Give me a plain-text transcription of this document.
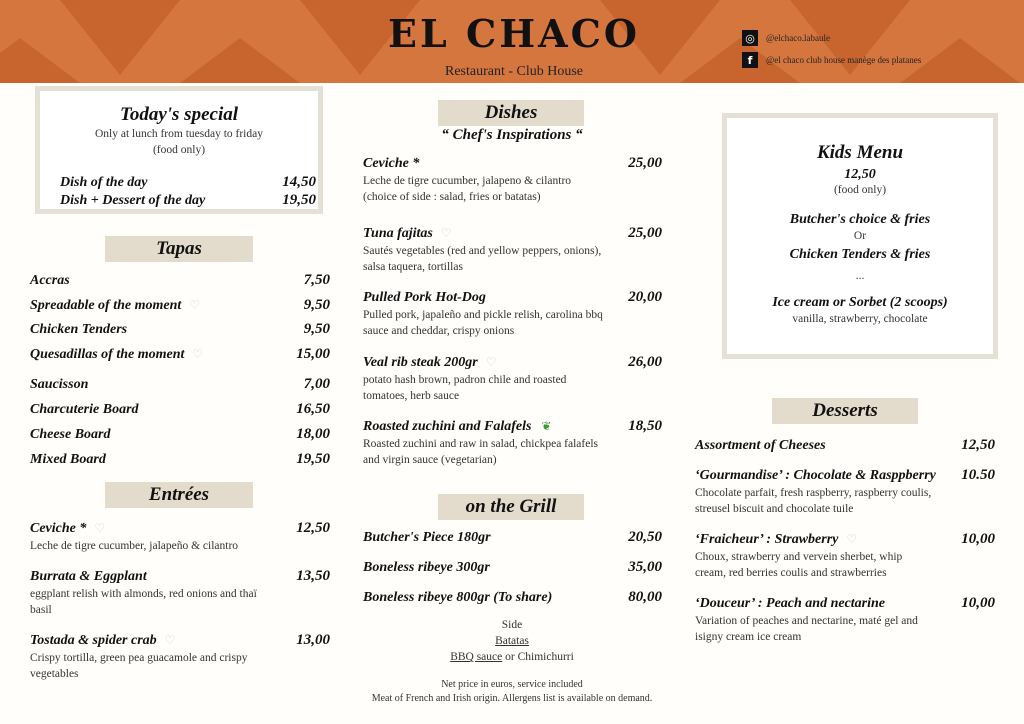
EL CHACO
Restaurant - Club House
◎	@elchaco.labaule
f	@el chaco club house manège des platanes
Today's special
Only at lunch from tuesday to friday
(food only)	Kids Menu
12,50
(food only)
Butcher's choice & fries
Or
Chicken Tenders & fries
...
Ice cream or Sorbet (2 scoops)
vanilla, strawberry, chocolate
Tapas
Entrées
Dishes
“ Chef's Inspirations “
on the Grill
Desserts
Side
Batatas
BBQ sauce or Chimichurri
Net price in euros, service included
Meat of French and Irish origin. Allergens list is available on demand.
Dish of the day	14,50
Dish + Dessert of the day	19,50
Accras	7,50
Spreadable of the moment ♡	9,50
Chicken Tenders	9,50
Quesadillas of the moment ♡	15,00
Saucisson	7,00
Charcuterie Board	16,50
Cheese Board	18,00
Mixed Board	19,50
Ceviche * ♡	12,50
Leche de tigre cucumber, jalapeño & cilantro
Burrata & Eggplant	13,50
eggplant relish with almonds, red onions and thaï
basil
Tostada & spider crab ♡	13,00
Crispy tortilla, green pea guacamole and crispy
vegetables
Ceviche *	25,00
Leche de tigre cucumber, jalapeno & cilantro
(choice of side : salad, fries or batatas)
Tuna fajitas ♡	25,00
Sautés vegetables (red and yellow peppers, onions),
salsa taquera, tortillas
Pulled Pork Hot-Dog	20,00
Pulled pork, japaleño and pickle relish, carolina bbq
sauce and cheddar, crispy onions
Veal rib steak 200gr ♡	26,00
potato hash brown, padron chile and roasted
tomatoes, herb sauce
Roasted zuchini and Falafels ❦	18,50
Roasted zuchini and raw in salad, chickpea falafels
and virgin sauce (vegetarian)
Butcher's Piece 180gr	20,50
Boneless ribeye 300gr	35,00
Boneless ribeye 800gr (To share)	80,00
Assortment of Cheeses	12,50
‘Gourmandise’ : Chocolate & Rasppberry	10.50
Chocolate parfait, fresh raspberry, raspberry coulis,
streusel biscuit and chocolate tuile
‘Fraicheur’ : Strawberry ♡	10,00
Choux, strawberry and vervein sherbet, whip
cream, red berries coulis and strawberries
‘Douceur’ : Peach and nectarine	10,00
Variation of peaches and nectarine, maté gel and
isigny cream ice cream
